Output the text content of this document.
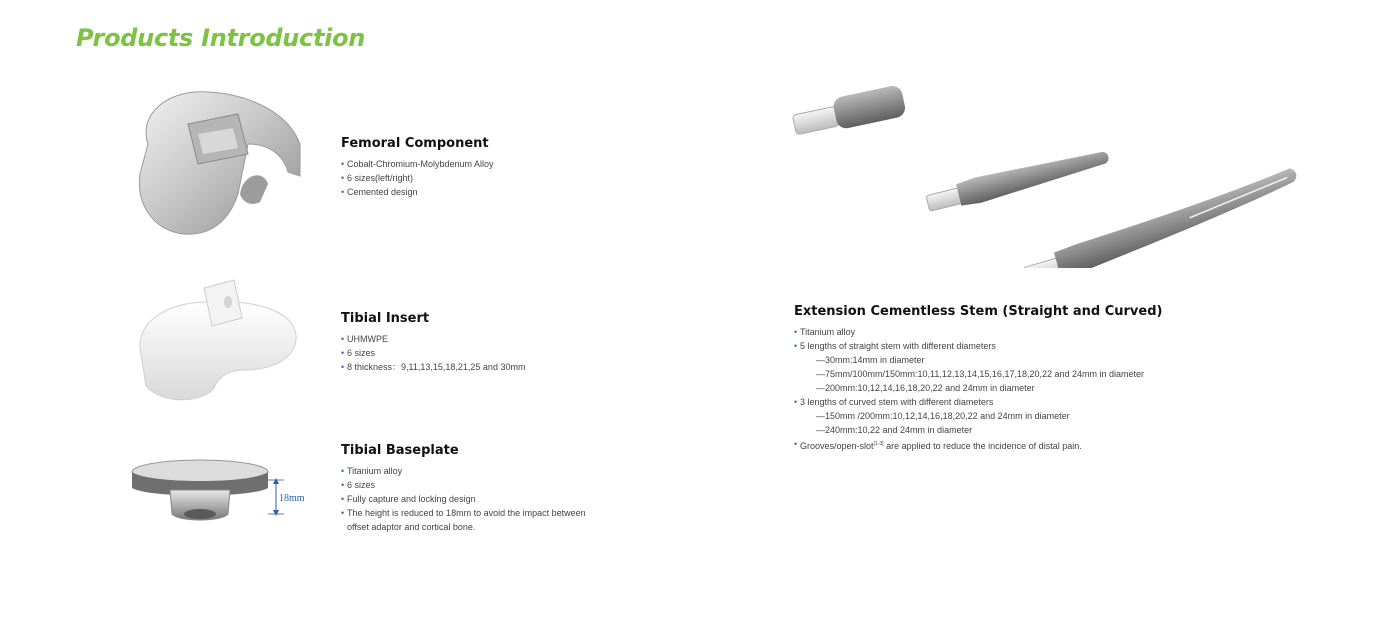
Products Introduction
Femoral Component
• Cobalt-Chromium-Molybdenum Alloy
• 6 sizes(left/right)
• Cemented design
Tibial Insert
• UHMWPE
• 6 sizes
• 8 thickness：9,11,13,15,18,21,25 and 30mm
18mm
Tibial Baseplate
• Titanium alloy
• 6 sizes
• Fully capture and locking design
• The height is reduced to 18mm to avoid the impact between
offset adaptor and cortical bone.
Extension Cementless Stem (Straight and Curved)
• Titanium alloy
• 5 lengths of straight stem with different diameters
—30mm:14mm in diameter
—75mm/100mm/150mm:10,11,12,13,14,15,16,17,18,20,22 and 24mm in diameter
—200mm:10,12,14,16,18,20,22 and 24mm in diameter
• 3 lengths of curved stem with different diameters
—150mm /200mm:10,12,14,16,18,20,22 and 24mm in diameter
—240mm:10,22 and 24mm in diameter
• Grooves/open-slot[1-3] are applied to reduce the incidence of distal pain.
